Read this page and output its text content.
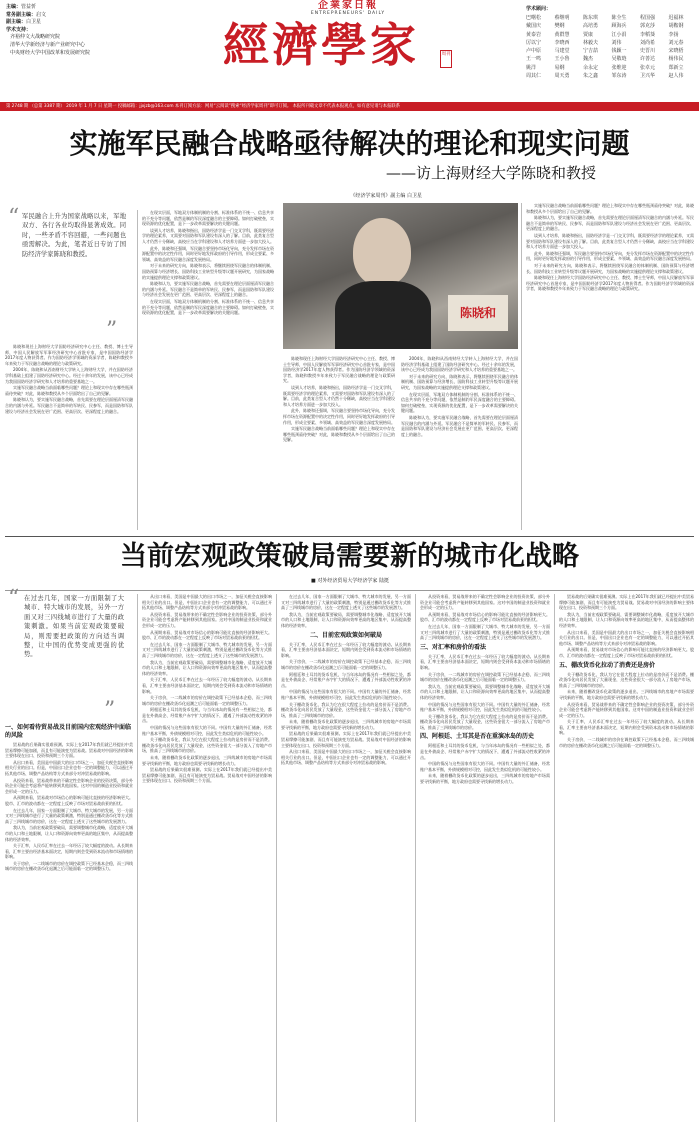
主编：管益忻
常务副主编：启文
副主编：白卫星
学术支持：
齐裕仲文大战略研究院
清华大学新经济与新产业研究中心
中央财经大学中国改革和发展研究院
企業家日報
ENTREPRENEURS' DAILY
經濟學家	周刊
学术顾问：
巴曙松	蔡继明	陈东琪	陈全生	程国强	迟福林
戴国庆	樊纲	高培勇	顾海兵	郭克莎	胡鞍钢
黄泰岩	黄群慧	贾康	江小涓	李稻葵	李扬
厉以宁	李晓西	林毅夫	刘伟	刘尚希	刘元春
卢中原	马建堂	宁吉喆	钱颖一	史晋川	宋晓梧
王一鸣	王小鲁	魏杰	吴敬琏	许善达	杨伟民
姚洋	易纲	余永定	张维迎	张卓元	郑新立
周其仁	周天勇	朱之鑫	邹东涛	卫兴华	赵人伟
第 2748 期 （总第 3387 期） 2019 年 1 月 7 日 星期一 投稿邮箱：jjxjzb@163.com 本刊订阅方法：网易“云阅读”搜索“经济学家周刊”即可订阅。 本报所刊载文章不代表本报观点，如有意见请与本报联系
实施军民融合战略亟待解决的理论和现实问题
——访上海财经大学陈晓和教授
《经济学家周刊》副主编 白卫星
“ 军民融合上升为国家战略以来，军地双方、各行各业均取得显著成效。同时，一些矛盾不容回避，一些问题也亟需解决。为此，笔者近日专访了国防经济学家陈晓和教授。
”

陈晓和现任上海财经大学国防经济研究中心主任、教授、博士生导师，中国人民解放军军事经济研究中心首批专家，是中国国防经济学2017年度人物获得者。作为国防经济学领域的资深学者，陈晓和教授多年来致力于军民融合战略的理论与政策研究。

2004年，陈晓和从西南财经大学转入上海财经大学，并在国防经济学科基础上组建了国防经济研究中心。经过十余年的发展，该中心已经成为我国国防经济学研究和人才培养的重要基地之一。

实施军民融合战略当前面临哪些问题？理论上和现实中存在哪些瓶颈亟待突破？对此，陈晓和教授从多个层面给出了自己的见解。

陈晓和认为，要实施军民融合战略，首先需要在理论层面厘清军民融合的内涵与外延。军民融合不是简单的军转民、民参军，而是国防和军队建设与经济社会发展在更广范围、更高层次、更深程度上的融合。

在现实层面，军地双方体制机制的分割、标准体系的不统一、信息共享的不充分等问题，依然是制约军民深度融合的主要障碍。如何打破壁垒，实现资源的优化配置，是下一步改革需要解决的关键问题。

谈到人才培养，陈晓和指出，国防经济学是一门交叉学科，既需要经济学的理论素养，又需要对国防和军队建设有深入的了解。目前，此类复合型人才仍然十分稀缺，高校应当在学科建设和人才培养方面进一步加大投入。

此外，陈晓和还强调，军民融合要坚持市场化导向，充分发挥市场在资源配置中的决定性作用，同时更好地发挥政府的引导作用，形成全要素、多领域、高效益的军民融合深度发展格局。

对于未来的研究方向，陈晓和表示，将继续围绕军民融合的体制机制、国防预算与经济增长、国防科技工业转型升级等议题开展研究，为国家战略的实施提供理论支撑和政策建议。

陈晓和认为，要实施军民融合战略，首先需要在理论层面厘清军民融合的内涵与外延。军民融合不是简单的军转民、民参军，而是国防和军队建设与经济社会发展在更广范围、更高层次、更深程度上的融合。

在现实层面，军地双方体制机制的分割、标准体系的不统一、信息共享的不充分等问题，依然是制约军民深度融合的主要障碍。如何打破壁垒，实现资源的优化配置，是下一步改革需要解决的关键问题。	陈晓和

陈晓和现任上海财经大学国防经济研究中心主任、教授、博士生导师，中国人民解放军军事经济研究中心首批专家，是中国国防经济学2017年度人物获得者。作为国防经济学领域的资深学者，陈晓和教授多年来致力于军民融合战略的理论与政策研究。

谈到人才培养，陈晓和指出，国防经济学是一门交叉学科，既需要经济学的理论素养，又需要对国防和军队建设有深入的了解。目前，此类复合型人才仍然十分稀缺，高校应当在学科建设和人才培养方面进一步加大投入。

此外，陈晓和还强调，军民融合要坚持市场化导向，充分发挥市场在资源配置中的决定性作用，同时更好地发挥政府的引导作用，形成全要素、多领域、高效益的军民融合深度发展格局。

实施军民融合战略当前面临哪些问题？理论上和现实中存在哪些瓶颈亟待突破？对此，陈晓和教授从多个层面给出了自己的见解。

2004年，陈晓和从西南财经大学转入上海财经大学，并在国防经济学科基础上组建了国防经济研究中心。经过十余年的发展，该中心已经成为我国国防经济学研究和人才培养的重要基地之一。

对于未来的研究方向，陈晓和表示，将继续围绕军民融合的体制机制、国防预算与经济增长、国防科技工业转型升级等议题开展研究，为国家战略的实施提供理论支撑和政策建议。

在现实层面，军地双方体制机制的分割、标准体系的不统一、信息共享的不充分等问题，依然是制约军民深度融合的主要障碍。如何打破壁垒，实现资源的优化配置，是下一步改革需要解决的关键问题。

陈晓和认为，要实施军民融合战略，首先需要在理论层面厘清军民融合的内涵与外延。军民融合不是简单的军转民、民参军，而是国防和军队建设与经济社会发展在更广范围、更高层次、更深程度上的融合。

实施军民融合战略当前面临哪些问题？理论上和现实中存在哪些瓶颈亟待突破？对此，陈晓和教授从多个层面给出了自己的见解。

陈晓和认为，要实施军民融合战略，首先需要在理论层面厘清军民融合的内涵与外延。军民融合不是简单的军转民、民参军，而是国防和军队建设与经济社会发展在更广范围、更高层次、更深程度上的融合。

谈到人才培养，陈晓和指出，国防经济学是一门交叉学科，既需要经济学的理论素养，又需要对国防和军队建设有深入的了解。目前，此类复合型人才仍然十分稀缺，高校应当在学科建设和人才培养方面进一步加大投入。

此外，陈晓和还强调，军民融合要坚持市场化导向，充分发挥市场在资源配置中的决定性作用，同时更好地发挥政府的引导作用，形成全要素、多领域、高效益的军民融合深度发展格局。

对于未来的研究方向，陈晓和表示，将继续围绕军民融合的体制机制、国防预算与经济增长、国防科技工业转型升级等议题开展研究，为国家战略的实施提供理论支撑和政策建议。

陈晓和现任上海财经大学国防经济研究中心主任、教授、博士生导师，中国人民解放军军事经济研究中心首批专家，是中国国防经济学2017年度人物获得者。作为国防经济学领域的资深学者，陈晓和教授多年来致力于军民融合战略的理论与政策研究。

当前宏观政策破局需要新的城市化战略
■ 对外经济贸易大学经济学家 陆挺
“ 在过去几年，国家一方面限制了大城市、特大城市的发展，另外一方面又对三四线城市进行了大量的政策刺激。如果当前宏观政策要破局，则需要把政策的方向适当调整，让中国的优势变成更强的优势。
”
一、如何看待贸易战及目前国内宏观经济中面临的风险

贸易战的后果确实很难预测。实际上在2017年我们就已经提出中美贸易摩擦可能加剧，而且有可能演变为贸易战。贸易战对中国经济的影响主要体现在出口、投资和预期三个方面。

从出口来看，美国是中国最大的出口市场之一，加征关税会直接影响相关行业的出口。但是，中国出口企业也有一定的调整能力，可以通过开拓其他市场、调整产品结构等方式来部分对冲贸易战的影响。

从投资来看，贸易战带来的不确定性会影响企业的投资决策，部分外资企业可能会考虑将产能转移到其他国家。这对中国的制造业投资和就业会形成一定的压力。

从预期来看，贸易战对市场信心的影响可能比直接的经济影响更大。股市、汇市的波动都在一定程度上反映了市场对贸易战前景的担忧。

在过去几年，国家一方面限制了大城市、特大城市的发展，另一方面又对三四线城市进行了大量的政策刺激，特别是通过棚改货币化等方式推高了三四线城市的房价，这在一定程度上透支了这些城市的发展潜力。

我认为，当前宏观政策要破局，需要调整城市化战略，适度放开大城市的人口和土地限制，让人口和资源向效率更高的地区集中，从而提高整体的经济效率。

关于汇率，人民币汇率在过去一年经历了较大幅度的波动。从长期来看，汇率主要由经济基本面决定，短期内则会受到资本流动和市场情绪的影响。

关于房价，一二线城市的房价在调控政策下已经基本企稳，而三四线城市的房价在棚改货币化退潮之后可能面临一定的调整压力。

从出口来看，美国是中国最大的出口市场之一，加征关税会直接影响相关行业的出口。但是，中国出口企业也有一定的调整能力，可以通过开拓其他市场、调整产品结构等方式来部分对冲贸易战的影响。

从投资来看，贸易战带来的不确定性会影响企业的投资决策，部分外资企业可能会考虑将产能转移到其他国家。这对中国的制造业投资和就业会形成一定的压力。

从预期来看，贸易战对市场信心的影响可能比直接的经济影响更大。股市、汇市的波动都在一定程度上反映了市场对贸易战前景的担忧。

在过去几年，国家一方面限制了大城市、特大城市的发展，另一方面又对三四线城市进行了大量的政策刺激，特别是通过棚改货币化等方式推高了三四线城市的房价，这在一定程度上透支了这些城市的发展潜力。

我认为，当前宏观政策要破局，需要调整城市化战略，适度放开大城市的人口和土地限制，让人口和资源向效率更高的地区集中，从而提高整体的经济效率。

关于汇率，人民币汇率在过去一年经历了较大幅度的波动。从长期来看，汇率主要由经济基本面决定，短期内则会受到资本流动和市场情绪的影响。

关于房价，一二线城市的房价在调控政策下已经基本企稳，而三四线城市的房价在棚改货币化退潮之后可能面临一定的调整压力。

阿根廷和土耳其的货币危机，与当年冰岛的情况有一些相似之处，都是在外债高企、经常账户赤字扩大的情况下，遭遇了外部流动性收紧的冲击。

中国的情况与这些国家有很大的不同。中国有大量的外汇储备，经常账户基本平衡，外债规模相对可控，因此发生类似危机的可能性较小。

关于棚改货币化，我认为它在很大程度上拉动的是房价而不是消费。棚改货币化向居民发放了大量现金，这些资金很大一部分流入了房地产市场，推高了三四线城市的房价。

未来，随着棚改货币化政策的逐步退出，三四线城市的房地产市场需要寻找新的平衡，地方政府也需要寻找新的增长动力。

贸易战的后果确实很难预测。实际上在2017年我们就已经提出中美贸易摩擦可能加剧，而且有可能演变为贸易战。贸易战对中国经济的影响主要体现在出口、投资和预期三个方面。

在过去几年，国家一方面限制了大城市、特大城市的发展，另一方面又对三四线城市进行了大量的政策刺激，特别是通过棚改货币化等方式推高了三四线城市的房价，这在一定程度上透支了这些城市的发展潜力。

我认为，当前宏观政策要破局，需要调整城市化战略，适度放开大城市的人口和土地限制，让人口和资源向效率更高的地区集中，从而提高整体的经济效率。

二、目前宏观政策如何破局

关于汇率，人民币汇率在过去一年经历了较大幅度的波动。从长期来看，汇率主要由经济基本面决定，短期内则会受到资本流动和市场情绪的影响。

关于房价，一二线城市的房价在调控政策下已经基本企稳，而三四线城市的房价在棚改货币化退潮之后可能面临一定的调整压力。

阿根廷和土耳其的货币危机，与当年冰岛的情况有一些相似之处，都是在外债高企、经常账户赤字扩大的情况下，遭遇了外部流动性收紧的冲击。

中国的情况与这些国家有很大的不同。中国有大量的外汇储备，经常账户基本平衡，外债规模相对可控，因此发生类似危机的可能性较小。

关于棚改货币化，我认为它在很大程度上拉动的是房价而不是消费。棚改货币化向居民发放了大量现金，这些资金很大一部分流入了房地产市场，推高了三四线城市的房价。

未来，随着棚改货币化政策的逐步退出，三四线城市的房地产市场需要寻找新的平衡，地方政府也需要寻找新的增长动力。

贸易战的后果确实很难预测。实际上在2017年我们就已经提出中美贸易摩擦可能加剧，而且有可能演变为贸易战。贸易战对中国经济的影响主要体现在出口、投资和预期三个方面。

从出口来看，美国是中国最大的出口市场之一，加征关税会直接影响相关行业的出口。但是，中国出口企业也有一定的调整能力，可以通过开拓其他市场、调整产品结构等方式来部分对冲贸易战的影响。

从投资来看，贸易战带来的不确定性会影响企业的投资决策，部分外资企业可能会考虑将产能转移到其他国家。这对中国的制造业投资和就业会形成一定的压力。

从预期来看，贸易战对市场信心的影响可能比直接的经济影响更大。股市、汇市的波动都在一定程度上反映了市场对贸易战前景的担忧。

在过去几年，国家一方面限制了大城市、特大城市的发展，另一方面又对三四线城市进行了大量的政策刺激，特别是通过棚改货币化等方式推高了三四线城市的房价，这在一定程度上透支了这些城市的发展潜力。

三、对汇率和房价的看法

关于汇率，人民币汇率在过去一年经历了较大幅度的波动。从长期来看，汇率主要由经济基本面决定，短期内则会受到资本流动和市场情绪的影响。

关于房价，一二线城市的房价在调控政策下已经基本企稳，而三四线城市的房价在棚改货币化退潮之后可能面临一定的调整压力。

我认为，当前宏观政策要破局，需要调整城市化战略，适度放开大城市的人口和土地限制，让人口和资源向效率更高的地区集中，从而提高整体的经济效率。

中国的情况与这些国家有很大的不同。中国有大量的外汇储备，经常账户基本平衡，外债规模相对可控，因此发生类似危机的可能性较小。

关于棚改货币化，我认为它在很大程度上拉动的是房价而不是消费。棚改货币化向居民发放了大量现金，这些资金很大一部分流入了房地产市场，推高了三四线城市的房价。

四、阿根廷、土耳其是否在重演冰岛的历史

阿根廷和土耳其的货币危机，与当年冰岛的情况有一些相似之处，都是在外债高企、经常账户赤字扩大的情况下，遭遇了外部流动性收紧的冲击。

中国的情况与这些国家有很大的不同。中国有大量的外汇储备，经常账户基本平衡，外债规模相对可控，因此发生类似危机的可能性较小。

未来，随着棚改货币化政策的逐步退出，三四线城市的房地产市场需要寻找新的平衡，地方政府也需要寻找新的增长动力。

贸易战的后果确实很难预测。实际上在2017年我们就已经提出中美贸易摩擦可能加剧，而且有可能演变为贸易战。贸易战对中国经济的影响主要体现在出口、投资和预期三个方面。

我认为，当前宏观政策要破局，需要调整城市化战略，适度放开大城市的人口和土地限制，让人口和资源向效率更高的地区集中，从而提高整体的经济效率。

从出口来看，美国是中国最大的出口市场之一，加征关税会直接影响相关行业的出口。但是，中国出口企业也有一定的调整能力，可以通过开拓其他市场、调整产品结构等方式来部分对冲贸易战的影响。

从预期来看，贸易战对市场信心的影响可能比直接的经济影响更大。股市、汇市的波动都在一定程度上反映了市场对贸易战前景的担忧。

五、棚改货币化拉动了消费还是房价

关于棚改货币化，我认为它在很大程度上拉动的是房价而不是消费。棚改货币化向居民发放了大量现金，这些资金很大一部分流入了房地产市场，推高了三四线城市的房价。

未来，随着棚改货币化政策的逐步退出，三四线城市的房地产市场需要寻找新的平衡，地方政府也需要寻找新的增长动力。

从投资来看，贸易战带来的不确定性会影响企业的投资决策，部分外资企业可能会考虑将产能转移到其他国家。这对中国的制造业投资和就业会形成一定的压力。

关于汇率，人民币汇率在过去一年经历了较大幅度的波动。从长期来看，汇率主要由经济基本面决定，短期内则会受到资本流动和市场情绪的影响。

关于房价，一二线城市的房价在调控政策下已经基本企稳，而三四线城市的房价在棚改货币化退潮之后可能面临一定的调整压力。
